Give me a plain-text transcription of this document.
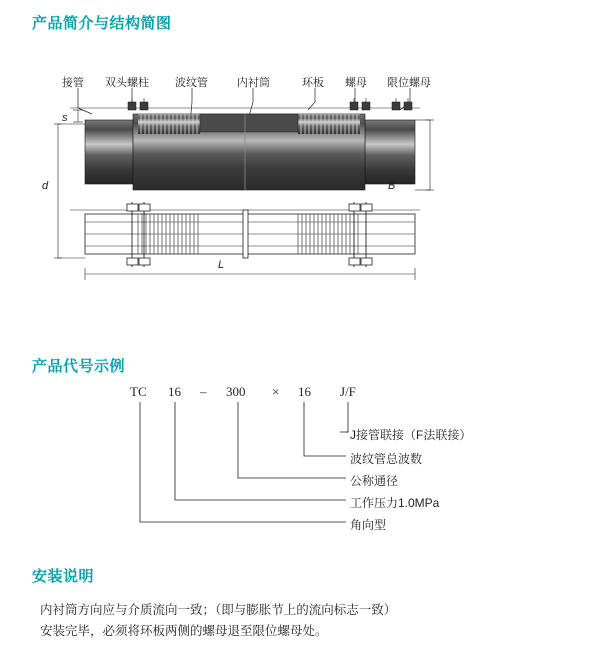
产品简介与结构简图
接管 双头螺柱 波纹管	内衬筒	环板 螺母 限位螺母
s
d	B
L
产品代号示例
TC 16 – 300 × 16 J/F
J接管联接（F法联接）
波纹管总波数
公称通径
工作压力1.0MPa
角向型
安装说明
内衬筒方向应与介质流向一致；（即与膨胀节上的流向标志一致）
安装完毕，必须将环板两侧的螺母退至限位螺母处。
